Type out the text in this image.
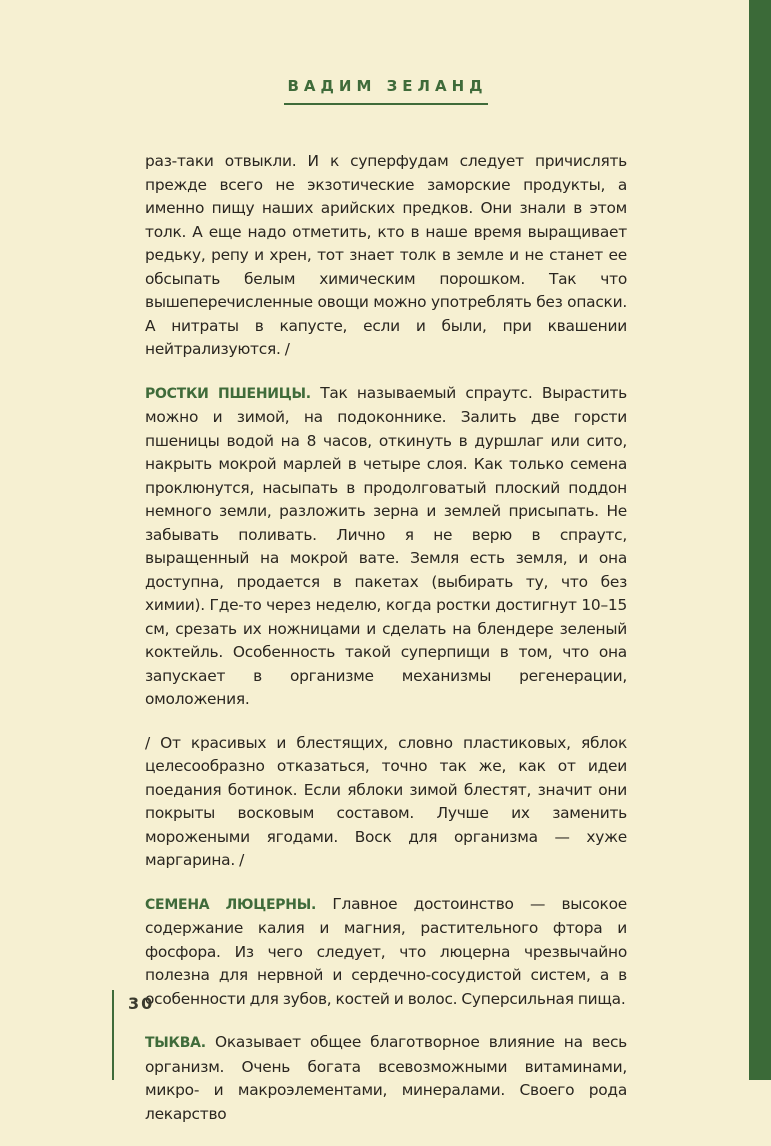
ВАДИМ ЗЕЛАНД

раз-таки отвыкли. И к суперфудам следует причислять прежде всего не экзотические заморские продукты, а именно пищу наших арийских предков. Они знали в этом толк. А еще надо отметить, кто в наше время выращивает редьку, репу и хрен, тот знает толк в земле и не станет ее обсыпать белым химическим порошком. Так что вышеперечисленные овощи можно употреблять без опаски. А нитраты в капусте, если и были, при квашении нейтрализуются. /

РОСТКИ ПШЕНИЦЫ. Так называемый спраутс. Вырастить можно и зимой, на подоконнике. Залить две горсти пшеницы водой на 8 часов, откинуть в дуршлаг или сито, накрыть мокрой марлей в четыре слоя. Как только семена проклюнутся, насыпать в продолговатый плоский поддон немного земли, разложить зерна и землей присыпать. Не забывать поливать. Лично я не верю в спраутс, выращенный на мокрой вате. Земля есть земля, и она доступна, продается в пакетах (выбирать ту, что без химии). Где-то через неделю, когда ростки достигнут 10–15 см, срезать их ножницами и сделать на блендере зеленый коктейль. Особенность такой суперпищи в том, что она запускает в организме механизмы регенерации, омоложения.

/ От красивых и блестящих, словно пластиковых, яблок целесообразно отказаться, точно так же, как от идеи поедания ботинок. Если яблоки зимой блестят, значит они покрыты восковым составом. Лучше их заменить морожеными ягодами. Воск для организма — хуже маргарина. /

СЕМЕНА ЛЮЦЕРНЫ. Главное достоинство — высокое содержание калия и магния, растительного фтора и фосфора. Из чего следует, что люцерна чрезвычайно полезна для нервной и сердечно-сосудистой систем, а в особенности для зубов, костей и волос. Суперсильная пища.

ТЫКВА. Оказывает общее благотворное влияние на весь организм. Очень богата всевозможными витаминами, микро- и макроэлементами, минералами. Своего рода лекарство

30
